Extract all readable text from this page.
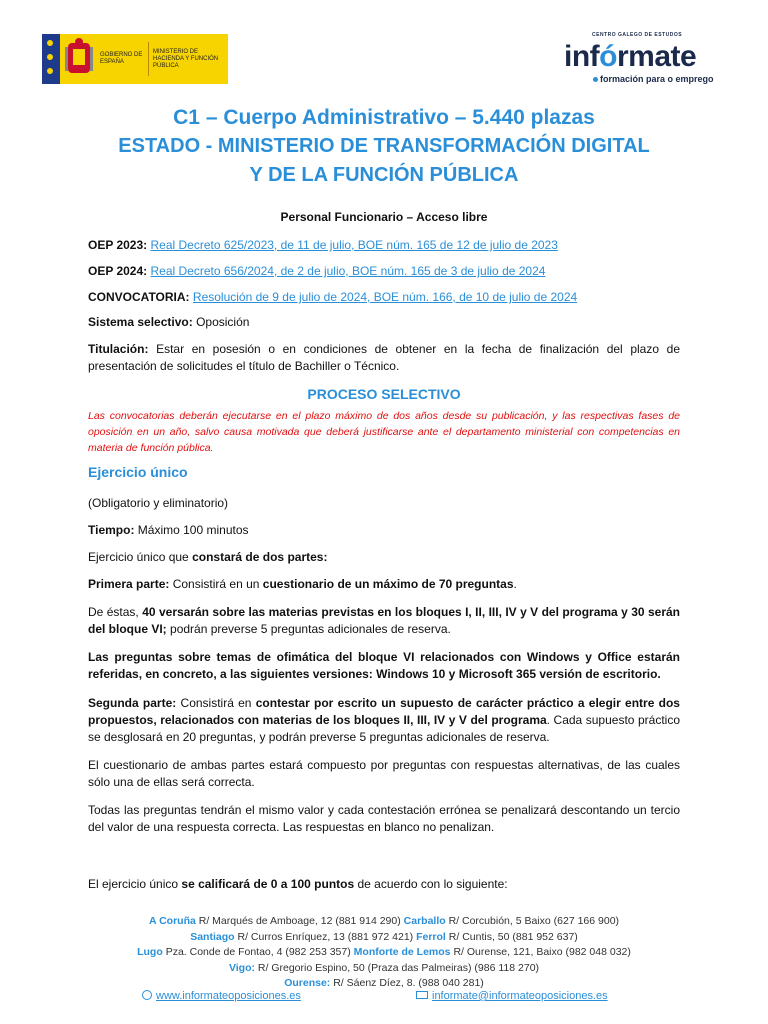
GOBIERNO DE ESPAÑA
MINISTERIO DE HACIENDA Y FUNCIÓN PÚBLICA
CENTRO GALEGO DE ESTUDOS
infórmate
formación para o emprego
C1 – Cuerpo Administrativo – 5.440 plazas
ESTADO - MINISTERIO DE TRANSFORMACIÓN DIGITAL
Y DE LA FUNCIÓN PÚBLICA
Personal Funcionario – Acceso libre
OEP 2023: Real Decreto 625/2023, de 11 de julio, BOE núm. 165 de 12 de julio de 2023
OEP 2024: Real Decreto 656/2024, de 2 de julio, BOE núm. 165 de 3 de julio de 2024
CONVOCATORIA: Resolución de 9 de julio de 2024, BOE núm. 166, de 10 de julio de 2024
Sistema selectivo: Oposición
Titulación: Estar en posesión o en condiciones de obtener en la fecha de finalización del plazo de presentación de solicitudes el título de Bachiller o Técnico.
PROCESO SELECTIVO
Las convocatorias deberán ejecutarse en el plazo máximo de dos años desde su publicación, y las respectivas fases de oposición en un año, salvo causa motivada que deberá justificarse ante el departamento ministerial con competencias en materia de función pública.
Ejercicio único
(Obligatorio y eliminatorio)
Tiempo: Máximo 100 minutos
Ejercicio único que constará de dos partes:
Primera parte: Consistirá en un cuestionario de un máximo de 70 preguntas.
De éstas, 40 versarán sobre las materias previstas en los bloques I, II, III, IV y V del programa y 30 serán del bloque VI; podrán preverse 5 preguntas adicionales de reserva.
Las preguntas sobre temas de ofimática del bloque VI relacionados con Windows y Office estarán referidas, en concreto, a las siguientes versiones: Windows 10 y Microsoft 365 versión de escritorio.
Segunda parte: Consistirá en contestar por escrito un supuesto de carácter práctico a elegir entre dos propuestos, relacionados con materias de los bloques II, III, IV y V del programa. Cada supuesto práctico se desglosará en 20 preguntas, y podrán preverse 5 preguntas adicionales de reserva.
El cuestionario de ambas partes estará compuesto por preguntas con respuestas alternativas, de las cuales sólo una de ellas será correcta.
Todas las preguntas tendrán el mismo valor y cada contestación errónea se penalizará descontando un tercio del valor de una respuesta correcta. Las respuestas en blanco no penalizan.
El ejercicio único se calificará de 0 a 100 puntos de acuerdo con lo siguiente:
A Coruña R/ Marqués de Amboage, 12 (881 914 290) Carballo R/ Corcubión, 5 Baixo (627 166 900)
Santiago R/ Curros Enríquez, 13 (881 972 421) Ferrol R/ Cuntis, 50 (881 952 637)
Lugo Pza. Conde de Fontao, 4 (982 253 357) Monforte de Lemos R/ Ourense, 121, Baixo (982 048 032)
Vigo: R/ Gregorio Espino, 50 (Praza das Palmeiras) (986 118 270)
Ourense: R/ Sáenz Díez, 8. (988 040 281)
www.informateoposiciones.es	informate@informateoposiciones.es
